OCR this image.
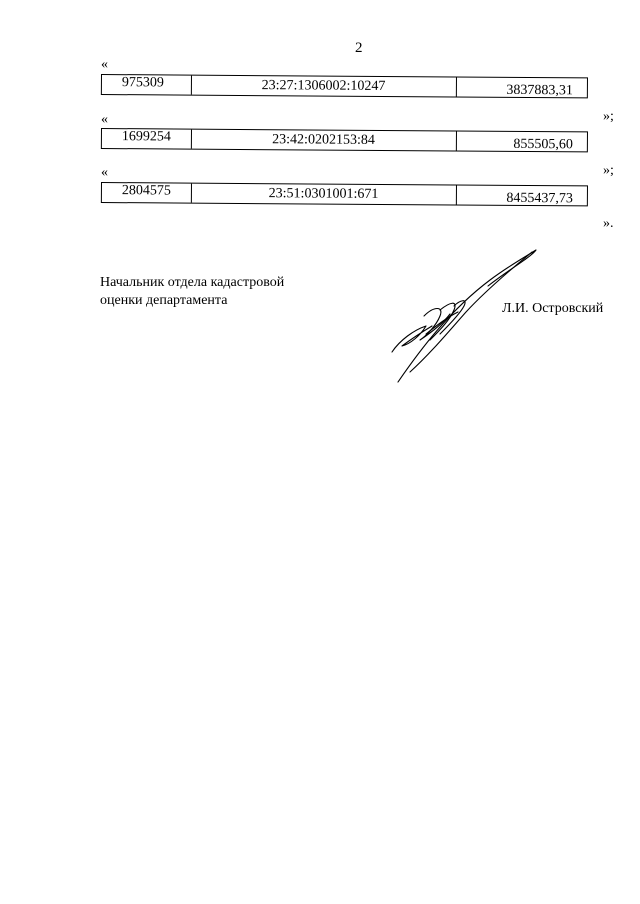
2
«
975309	23:27:1306002:10247	3837883,31
»;
«
1699254	23:42:0202153:84	855505,60
»;
«
2804575	23:51:0301001:671	8455437,73
».
Начальник отдела кадастровой
оценки департамента
Л.И. Островский
